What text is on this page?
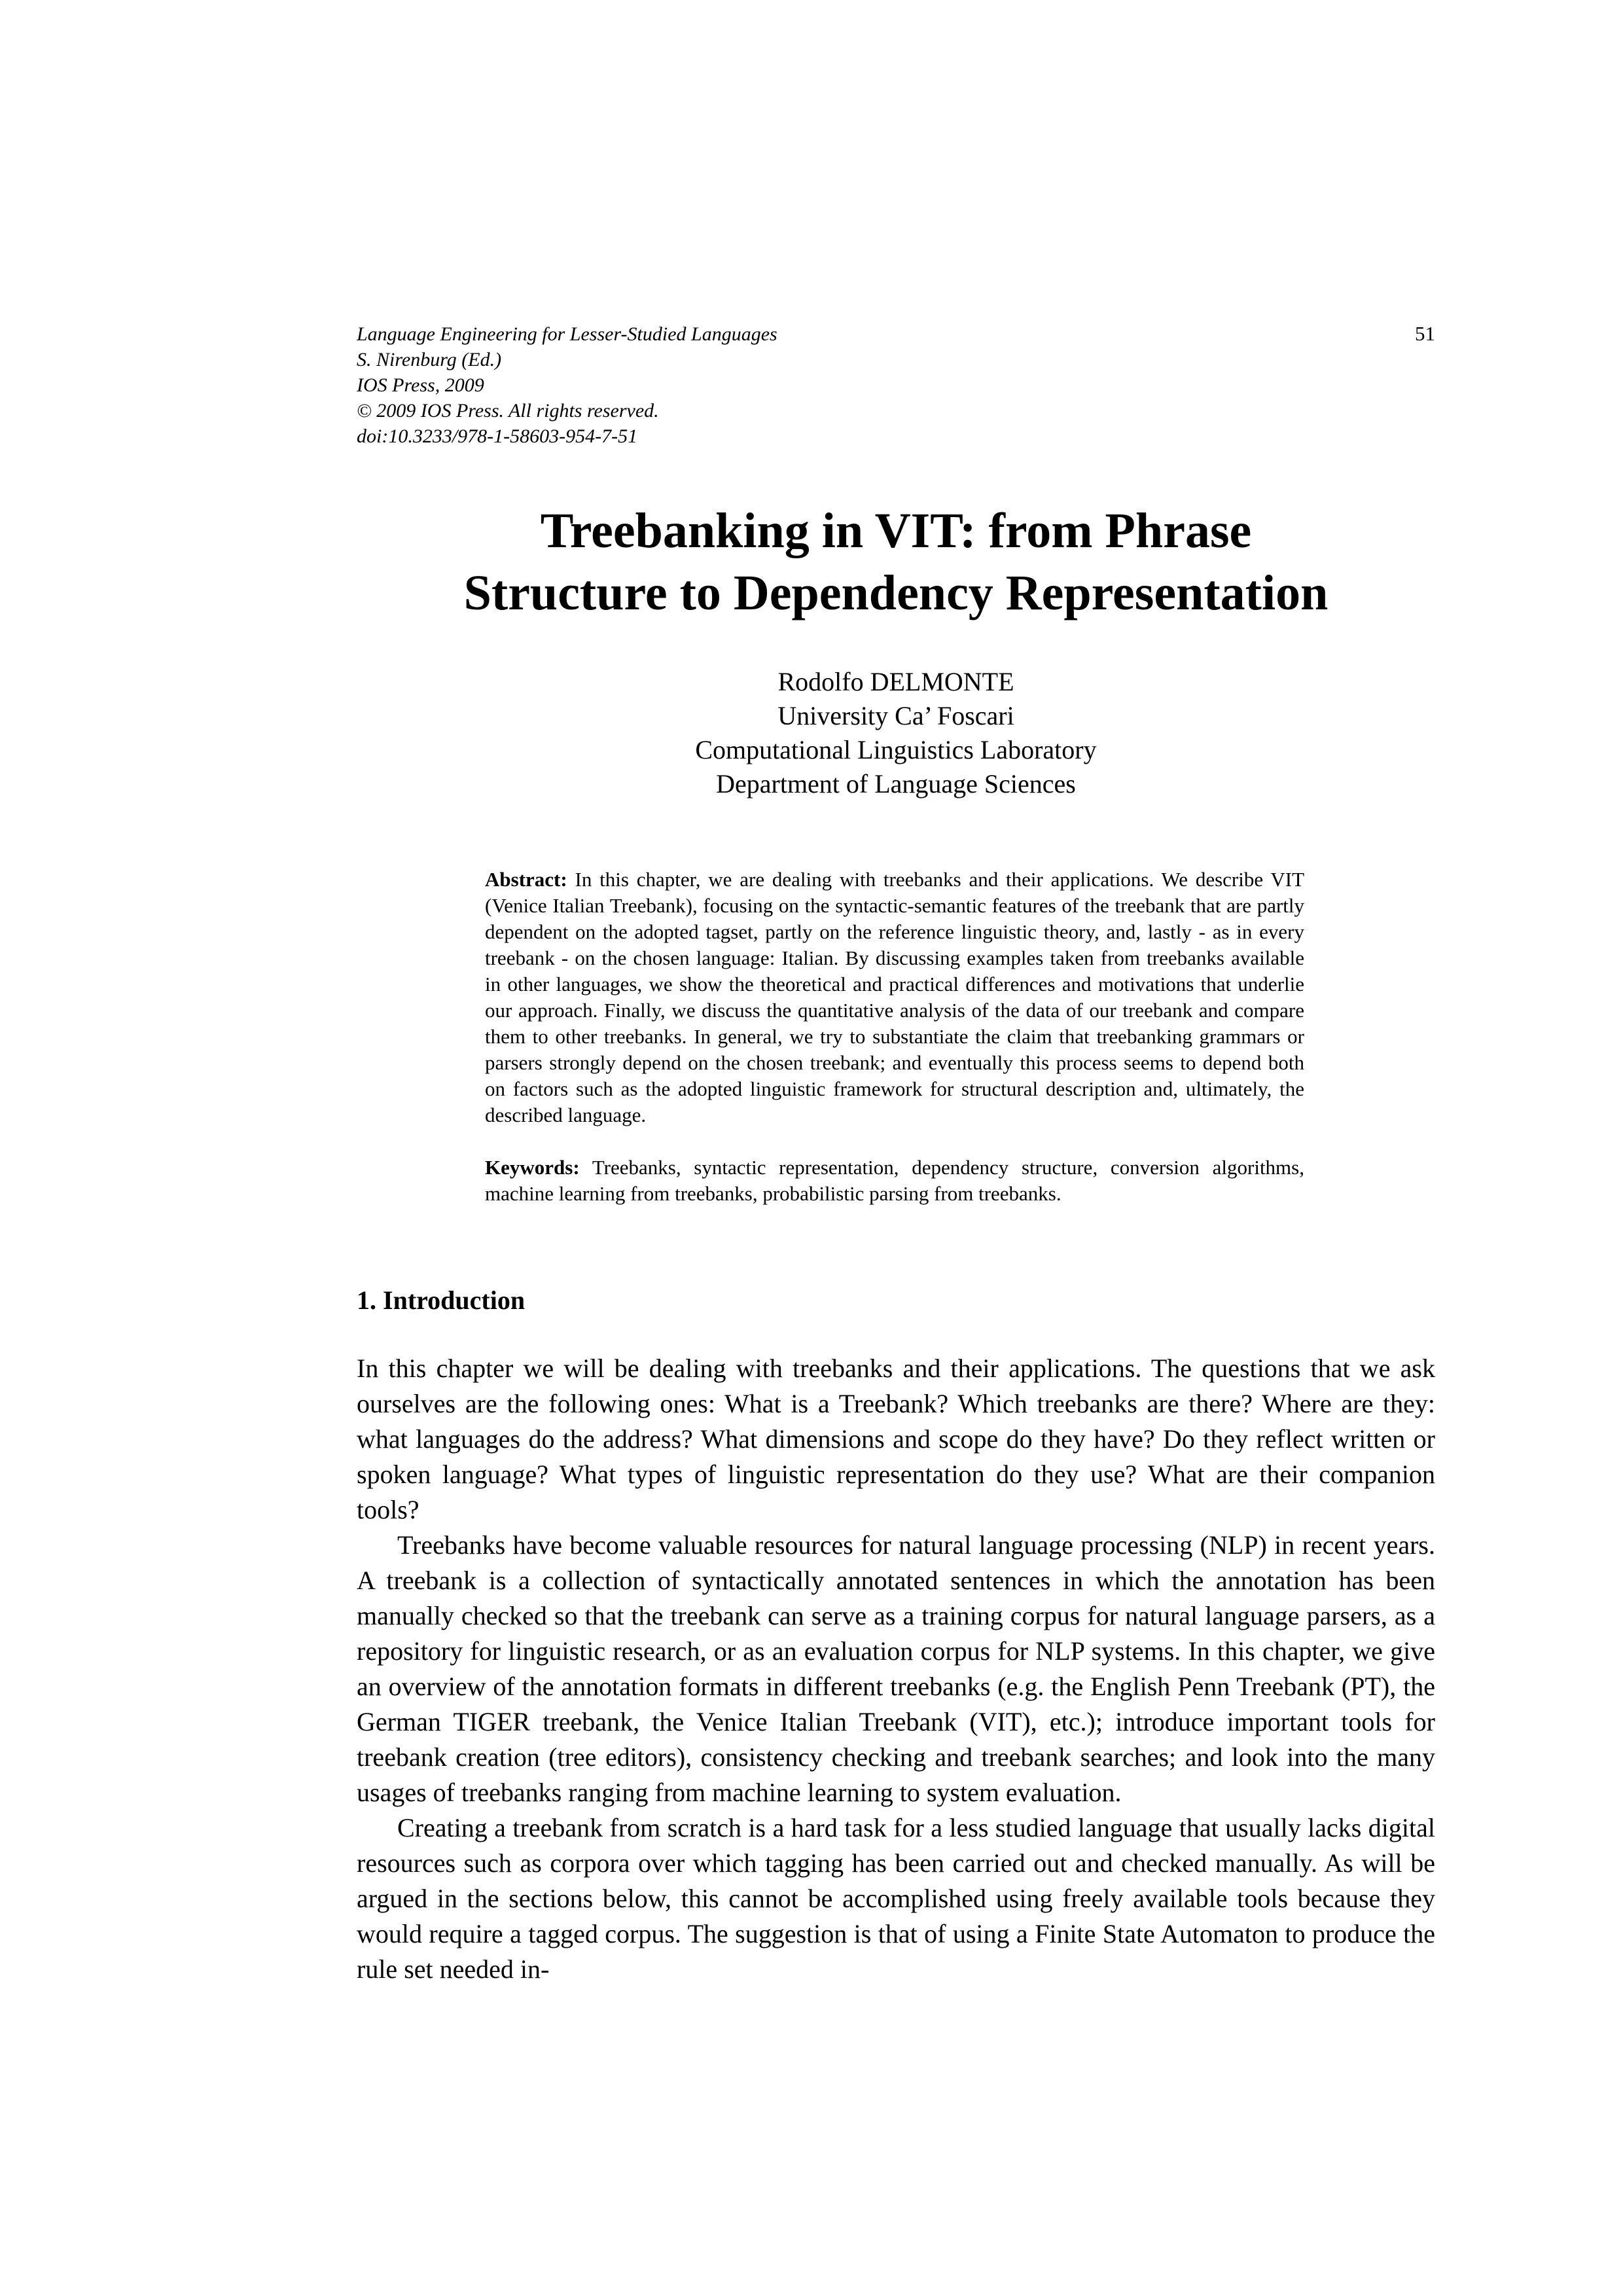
Language Engineering for Lesser-Studied Languages	51
S. Nirenburg (Ed.)
IOS Press, 2009
© 2009 IOS Press. All rights reserved.
doi:10.3233/978-1-58603-954-7-51
Treebanking in VIT: from Phrase
Structure to Dependency Representation
Rodolfo DELMONTE
University Ca’ Foscari
Computational Linguistics Laboratory
Department of Language Sciences
Abstract: In this chapter, we are dealing with treebanks and their applications. We describe VIT (Venice Italian Treebank), focusing on the syntactic-semantic features of the treebank that are partly dependent on the adopted tagset, partly on the reference linguistic theory, and, lastly - as in every treebank - on the chosen language: Italian. By discussing examples taken from treebanks available in other languages, we show the theoretical and practical differences and motivations that underlie our approach. Finally, we discuss the quantitative analysis of the data of our treebank and compare them to other treebanks. In general, we try to substantiate the claim that treebanking grammars or parsers strongly depend on the chosen treebank; and eventually this process seems to depend both on factors such as the adopted linguistic framework for structural description and, ultimately, the described language.
Keywords: Treebanks, syntactic representation, dependency structure, conversion algorithms, machine learning from treebanks, probabilistic parsing from treebanks.
1. Introduction

In this chapter we will be dealing with treebanks and their applications. The questions that we ask ourselves are the following ones: What is a Treebank? Which treebanks are there? Where are they: what languages do the address? What dimensions and scope do they have? Do they reflect written or spoken language? What types of linguistic representation do they use? What are their companion tools?

Treebanks have become valuable resources for natural language processing (NLP) in recent years. A treebank is a collection of syntactically annotated sentences in which the annotation has been manually checked so that the treebank can serve as a training corpus for natural language parsers, as a repository for linguistic research, or as an evaluation corpus for NLP systems. In this chapter, we give an overview of the annotation formats in different treebanks (e.g. the English Penn Treebank (PT), the German TIGER treebank, the Venice Italian Treebank (VIT), etc.); introduce important tools for treebank creation (tree editors), consistency checking and treebank searches; and look into the many usages of treebanks ranging from machine learning to system evaluation.

Creating a treebank from scratch is a hard task for a less studied language that usually lacks digital resources such as corpora over which tagging has been carried out and checked manually. As will be argued in the sections below, this cannot be accomplished using freely available tools because they would require a tagged corpus. The suggestion is that of using a Finite State Automaton to produce the rule set needed in-
